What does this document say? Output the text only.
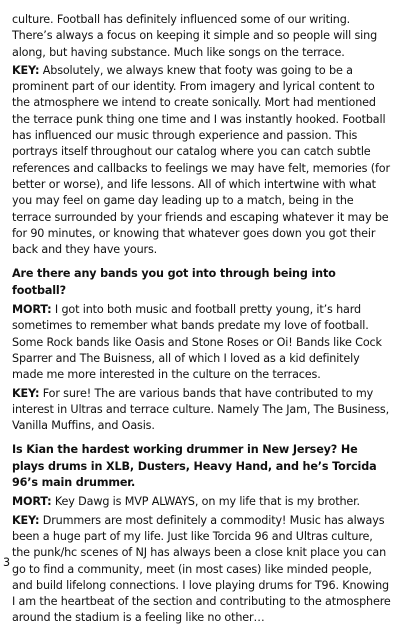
culture. Football has definitely influenced some of our writing. There’s always a focus on keeping it simple and so people will sing along, but having substance. Much like songs on the terrace.

KEY: Absolutely, we always knew that footy was going to be a prominent part of our identity. From imagery and lyrical content to the atmosphere we intend to create sonically. Mort had mentioned the terrace punk thing one time and I was instantly hooked. Football has influenced our music through experience and passion. This portrays itself throughout our catalog where you can catch subtle references and callbacks to feelings we may have felt, memories (for better or worse), and life lessons. All of which intertwine with what you may feel on game day leading up to a match, being in the terrace surrounded by your friends and escaping whatever it may be for 90 minutes, or knowing that whatever goes down you got their back and they have yours.

Are there any bands you got into through being into football?

MORT: I got into both music and football pretty young, it’s hard sometimes to remember what bands predate my love of football. Some Rock bands like Oasis and Stone Roses or Oi! Bands like Cock Sparrer and The Buisness, all of which I loved as a kid definitely made me more interested in the culture on the terraces.

KEY: For sure! The are various bands that have contributed to my interest in Ultras and terrace culture. Namely The Jam, The Business, Vanilla Muffins, and Oasis.

Is Kian the hardest working drummer in New Jersey? He plays drums in XLB, Dusters, Heavy Hand, and he’s Torcida 96’s main drummer.

MORT: Key Dawg is MVP ALWAYS, on my life that is my brother.

KEY: Drummers are most definitely a commodity! Music has always been a huge part of my life. Just like Torcida 96 and Ultras culture, the punk/hc scenes of NJ has always been a close knit place you can go to find a community, meet (in most cases) like minded people, and build lifelong connections. I love playing drums for T96. Knowing I am the heartbeat of the section and contributing to the atmosphere around the stadium is a feeling like no other…

3
